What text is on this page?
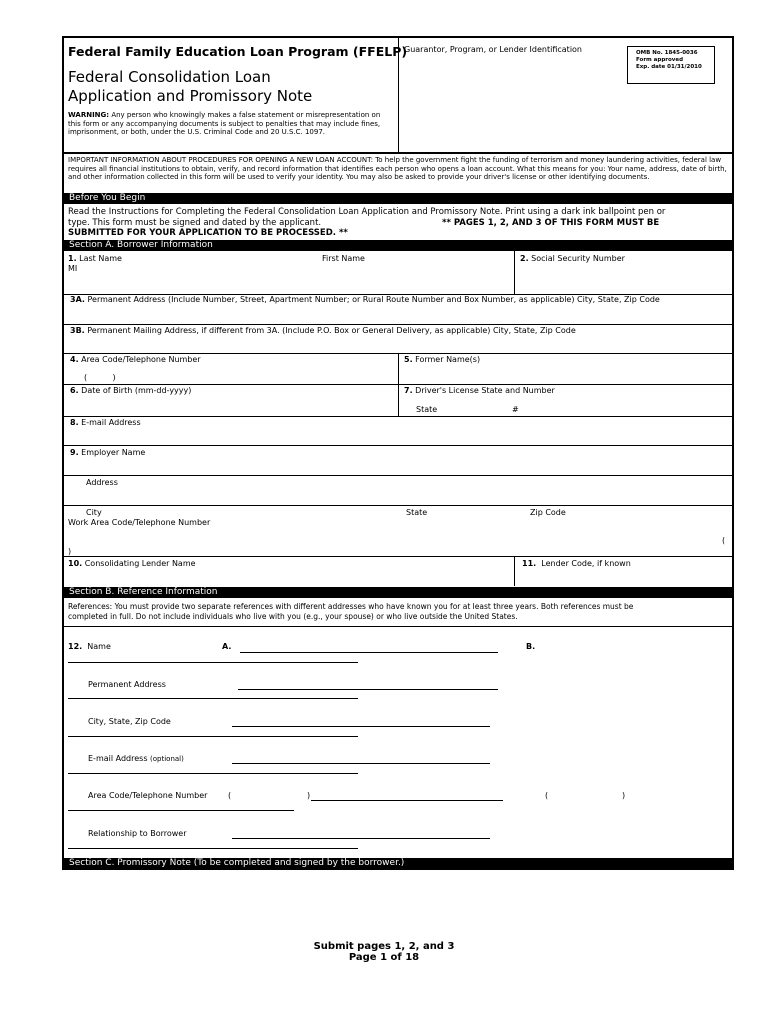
Federal Family Education Loan Program (FFELP)
Federal Consolidation Loan
Application and Promissory Note
WARNING: Any person who knowingly makes a false statement or misrepresentation on this form or any accompanying documents is subject to penalties that may include fines, imprisonment, or both, under the U.S. Criminal Code and 20 U.S.C. 1097.
Guarantor, Program, or Lender Identification	OMB No. 1845-0036
Form approved
Exp. date 01/31/2010
IMPORTANT INFORMATION ABOUT PROCEDURES FOR OPENING A NEW LOAN ACCOUNT: To help the government fight the funding of terrorism and money laundering activities, federal law requires all financial institutions to obtain, verify, and record information that identifies each person who opens a loan account. What this means for you: Your name, address, date of birth, and other information collected in this form will be used to verify your identity. You may also be asked to provide your driver's license or other identifying documents.
Before You Begin
Read the Instructions for Completing the Federal Consolidation Loan Application and Promissory Note. Print using a dark ink ballpoint pen or
type. This form must be signed and dated by the applicant.	** PAGES 1, 2, AND 3 OF THIS FORM MUST BE
SUBMITTED FOR YOUR APPLICATION TO BE PROCESSED. **
Section A. Borrower Information
1. Last Name	First Name
MI
2. Social Security Number
3A. Permanent Address (Include Number, Street, Apartment Number; or Rural Route Number and Box Number, as applicable) City, State, Zip Code
3B. Permanent Mailing Address, if different from 3A. (Include P.O. Box or General Delivery, as applicable) City, State, Zip Code
4. Area Code/Telephone Number
(          )
5. Former Name(s)
6. Date of Birth (mm-dd-yyyy)	7. Driver's License State and Number
State	#
8. E-mail Address
9. Employer Name
Address
City	State	Zip Code
Work Area Code/Telephone Number
(
)
10. Consolidating Lender Name	11. Lender Code, if known
Section B. Reference Information
References: You must provide two separate references with different addresses who have known you for at least three years. Both references must be
completed in full. Do not include individuals who live with you (e.g., your spouse) or who live outside the United States.
12. Name	A.	B.
Permanent Address
City, State, Zip Code
E-mail Address (optional)
Area Code/Telephone Number	(	)	(	)
Relationship to Borrower
Section C. Promissory Note (To be completed and signed by the borrower.)
Submit pages 1, 2, and 3
Page 1 of 18
